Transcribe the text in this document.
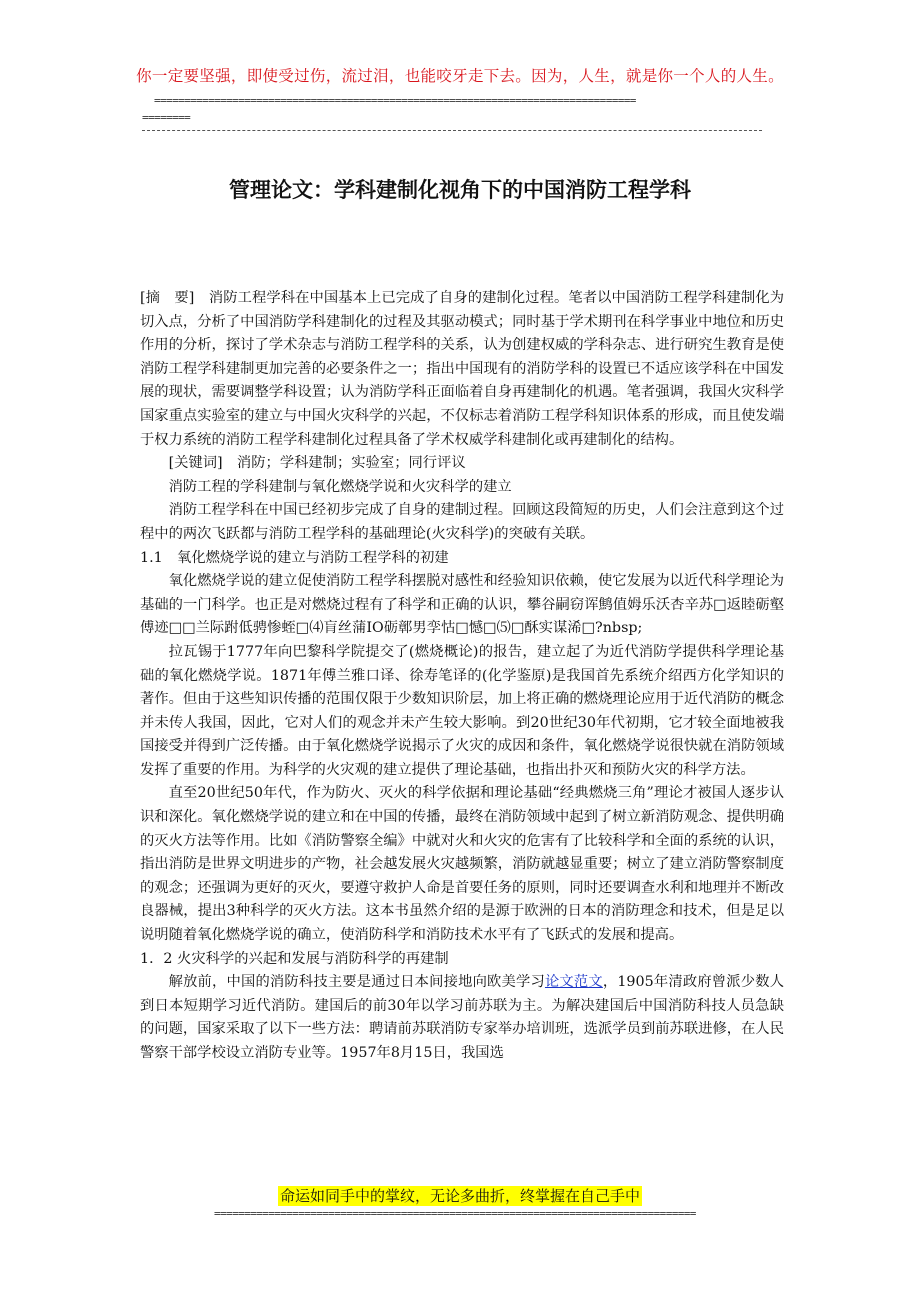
你一定要坚强，即使受过伤，流过泪，也能咬牙走下去。因为，人生，就是你一个人的人生。
================================================================================
========
管理论文：学科建制化视角下的中国消防工程学科

[摘　要]　消防工程学科在中国基本上已完成了自身的建制化过程。笔者以中国消防工程学科建制化为切入点，分析了中国消防学科建制化的过程及其驱动模式；同时基于学术期刊在科学事业中地位和历史作用的分析，探讨了学术杂志与消防工程学科的关系，认为创建权威的学科杂志、进行研究生教育是使消防工程学科建制更加完善的必要条件之一；指出中国现有的消防学科的设置已不适应该学科在中国发展的现状，需要调整学科设置；认为消防学科正面临着自身再建制化的机遇。笔者强调，我国火灾科学国家重点实验室的建立与中国火灾科学的兴起，不仅标志着消防工程学科知识体系的形成，而且使发端于权力系统的消防工程学科建制化过程具备了学术权威学科建制化或再建制化的结构。

[关键词]　消防；学科建制；实验室；同行评议

消防工程的学科建制与氧化燃烧学说和火灾科学的建立

消防工程学科在中国已经初步完成了自身的建制过程。回顾这段简短的历史，人们会注意到这个过程中的两次飞跃都与消防工程学科的基础理论(火灾科学)的突破有关联。

1.1　氧化燃烧学说的建立与消防工程学科的初建

氧化燃烧学说的建立促使消防工程学科摆脱对感性和经验知识依赖，使它发展为以近代科学理论为基础的一门科学。也正是对燃烧过程有了科学和正确的认识，攀谷嗣窃诨鹪值姆乐沃杏辛苏□返睦砺壑傅迹□□兰际跗低骋惨蛭□⑷肓丝蒲IO砺鄣男孪怙□憾□⑸□酥实谋浠□?nbsp;

拉瓦锡于1777年向巴黎科学院提交了(燃烧概论)的报告，建立起了为近代消防学提供科学理论基础的氧化燃烧学说。1871年傅兰雅口译、徐寿笔译的(化学鉴原)是我国首先系统介绍西方化学知识的著作。但由于这些知识传播的范围仅限于少数知识阶层，加上将正确的燃烧理论应用于近代消防的概念并未传人我国，因此，它对人们的观念并未产生较大影响。到20世纪30年代初期，它才较全面地被我国接受并得到广泛传播。由于氧化燃烧学说揭示了火灾的成因和条件，氧化燃烧学说很快就在消防领域发挥了重要的作用。为科学的火灾观的建立提供了理论基础，也指出扑灭和预防火灾的科学方法。

直至20世纪50年代，作为防火、灭火的科学依据和理论基础“经典燃烧三角”理论才被国人逐步认识和深化。氧化燃烧学说的建立和在中国的传播，最终在消防领域中起到了树立新消防观念、提供明确的灭火方法等作用。比如《消防警察全编》中就对火和火灾的危害有了比较科学和全面的系统的认识，指出消防是世界文明进步的产物，社会越发展火灾越频繁，消防就越显重要；树立了建立消防警察制度的观念；还强调为更好的灭火，要遵守救护人命是首要任务的原则，同时还要调查水利和地理并不断改良器械，提出3种科学的灭火方法。这本书虽然介绍的是源于欧洲的日本的消防理念和技术，但是足以说明随着氧化燃烧学说的确立，使消防科学和消防技术水平有了飞跃式的发展和提高。

1．2 火灾科学的兴起和发展与消防科学的再建制

解放前，中国的消防科技主要是通过日本间接地向欧美学习论文范文，1905年清政府曾派少数人到日本短期学习近代消防。建国后的前30年以学习前苏联为主。为解决建国后中国消防科技人员急缺的问题，国家采取了以下一些方法：聘请前苏联消防专家举办培训班，选派学员到前苏联进修，在人民警察干部学校设立消防专业等。1957年8月15日，我国选

命运如同手中的掌纹，无论多曲折，终掌握在自己手中
================================================================================
